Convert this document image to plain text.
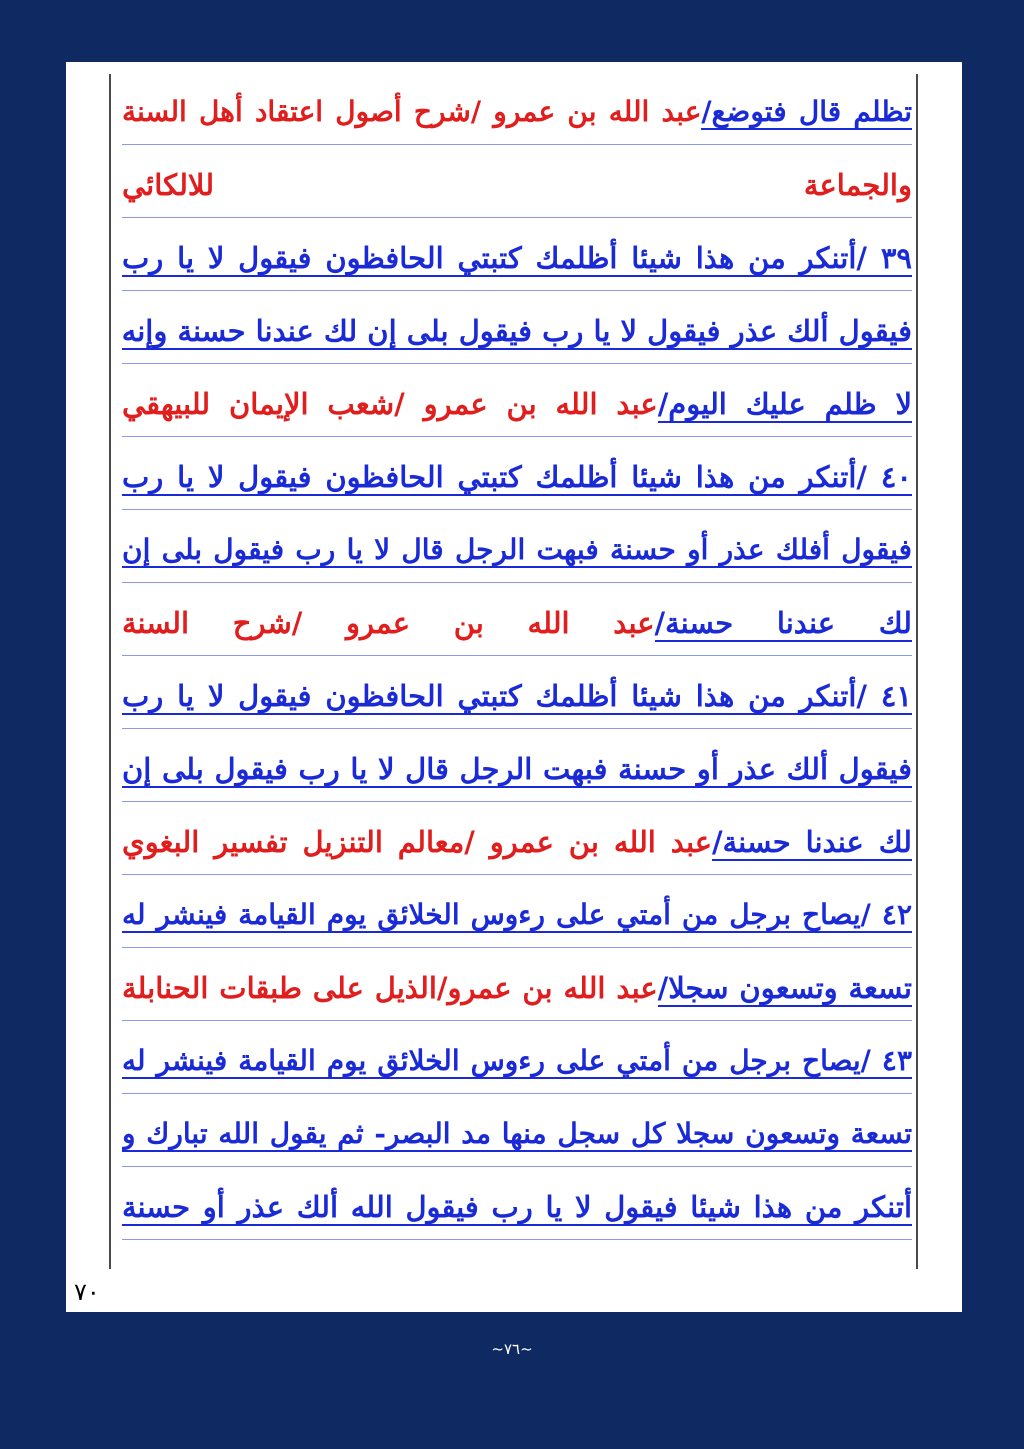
تظلم قال فتوضع/عبد الله بن عمرو /شرح أصول اعتقاد أهل السنة
والجماعة للالكائي
٣٩ /أتنكر من هذا شيئا أظلمك كتبتي الحافظون فيقول لا يا رب
فيقول ألك عذر فيقول لا يا رب فيقول بلى إن لك عندنا حسنة وإنه
لا ظلم عليك اليوم/عبد الله بن عمرو /شعب الإيمان للبيهقي
٤٠ /أتنكر من هذا شيئا أظلمك كتبتي الحافظون فيقول لا يا رب
فيقول أفلك عذر أو حسنة فبهت الرجل قال لا يا رب فيقول بلى إن
لك عندنا حسنة/عبد الله بن عمرو /شرح السنة
٤١ /أتنكر من هذا شيئا أظلمك كتبتي الحافظون فيقول لا يا رب
فيقول ألك عذر أو حسنة فبهت الرجل قال لا يا رب فيقول بلى إن
لك عندنا حسنة/عبد الله بن عمرو /معالم التنزيل تفسير البغوي
٤٢ /يصاح برجل من أمتي على رءوس الخلائق يوم القيامة فينشر له
تسعة وتسعون سجلا/عبد الله بن عمرو/الذيل على طبقات الحنابلة
٤٣ /يصاح برجل من أمتي على رءوس الخلائق يوم القيامة فينشر له
تسعة وتسعون سجلا كل سجل منها مد البصر- ثم يقول الله تبارك و
أتنكر من هذا شيئا فيقول لا يا رب فيقول الله ألك عذر أو حسنة
٧٠
~٧٦~
